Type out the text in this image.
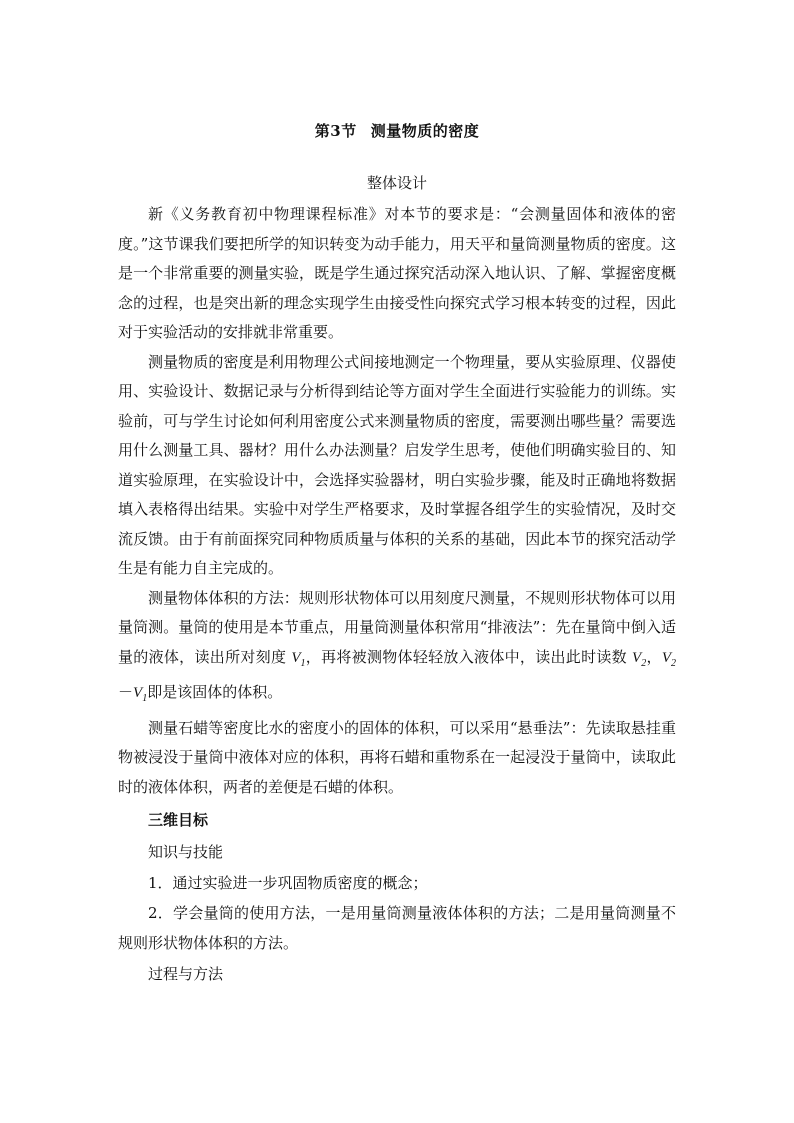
第3节 测量物质的密度
整体设计

新《义务教育初中物理课程标准》对本节的要求是：“会测量固体和液体的密度。”这节课我们要把所学的知识转变为动手能力，用天平和量筒测量物质的密度。这是一个非常重要的测量实验，既是学生通过探究活动深入地认识、了解、掌握密度概念的过程，也是突出新的理念实现学生由接受性向探究式学习根本转变的过程，因此对于实验活动的安排就非常重要。

测量物质的密度是利用物理公式间接地测定一个物理量，要从实验原理、仪器使用、实验设计、数据记录与分析得到结论等方面对学生全面进行实验能力的训练。实验前，可与学生讨论如何利用密度公式来测量物质的密度，需要测出哪些量？需要选用什么测量工具、器材？用什么办法测量？启发学生思考，使他们明确实验目的、知道实验原理，在实验设计中，会选择实验器材，明白实验步骤，能及时正确地将数据填入表格得出结果。实验中对学生严格要求，及时掌握各组学生的实验情况，及时交流反馈。由于有前面探究同种物质质量与体积的关系的基础，因此本节的探究活动学生是有能力自主完成的。

测量物体体积的方法：规则形状物体可以用刻度尺测量，不规则形状物体可以用量筒测。量筒的使用是本节重点，用量筒测量体积常用“排液法”：先在量筒中倒入适量的液体，读出所对刻度 $V_1$，再将被测物体轻轻放入液体中，读出此时读数 $V_2$，$V_2-V_1$即是该固体的体积。

测量石蜡等密度比水的密度小的固体的体积，可以采用“悬垂法”：先读取悬挂重物被浸没于量筒中液体对应的体积，再将石蜡和重物系在一起浸没于量筒中，读取此时的液体体积，两者的差便是石蜡的体积。

三维目标
知识与技能

1．通过实验进一步巩固物质密度的概念；

2．学会量筒的使用方法，一是用量筒测量液体体积的方法；二是用量筒测量不规则形状物体体积的方法。

过程与方法
